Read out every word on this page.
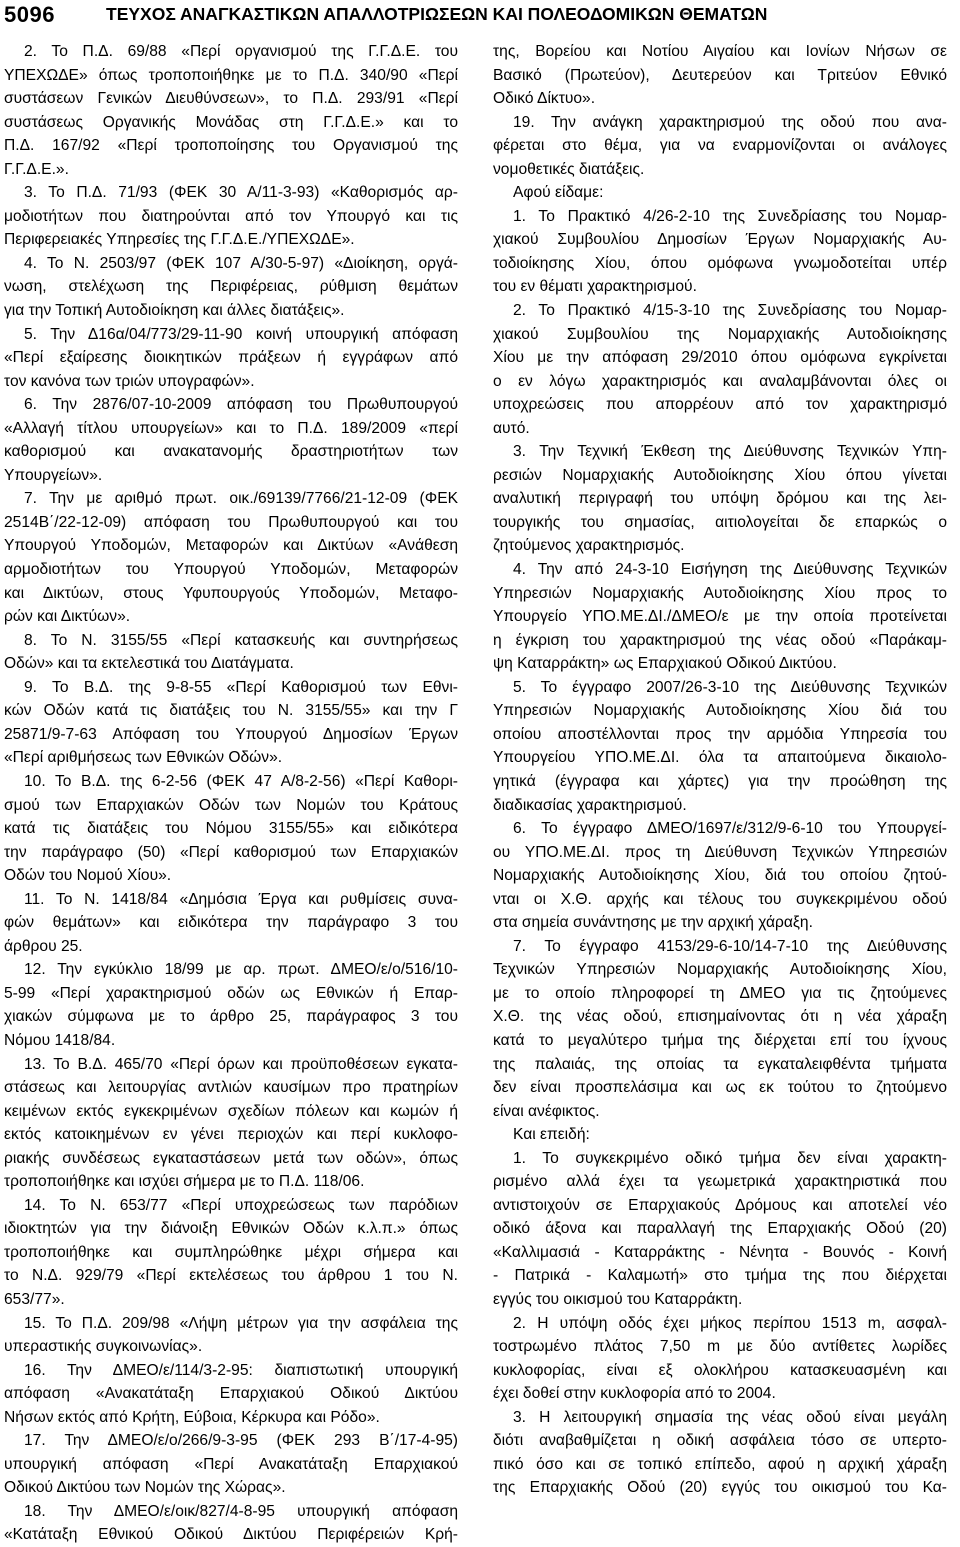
5096	ΤΕΥΧΟΣ ΑΝΑΓΚΑΣΤΙΚΩΝ ΑΠΑΛΛΟΤΡΙΩΣΕΩΝ ΚΑΙ ΠΟΛΕΟΔΟΜΙΚΩΝ ΘΕΜΑΤΩΝ
2. Το Π.Δ. 69/88 «Περί οργανισμού της Γ.Γ.Δ.Ε. του
ΥΠΕΧΩΔΕ» όπως τροποποιήθηκε με το Π.Δ. 340/90 «Περί
συστάσεων Γενικών Διευθύνσεων», το Π.Δ. 293/91 «Περί
συστάσεως Οργανικής Μονάδας στη Γ.Γ.Δ.Ε.» και το
Π.Δ. 167/92 «Περί τροποποίησης του Οργανισμού της
Γ.Γ.Δ.Ε.».
3. Το Π.Δ. 71/93 (ΦΕΚ 30 Α/11-3-93) «Καθορισμός αρ-
μοδιοτήτων που διατηρούνται από τον Υπουργό και τις
Περιφερειακές Υπηρεσίες της Γ.Γ.Δ.Ε./ΥΠΕΧΩΔΕ».
4. Το Ν. 2503/97 (ΦΕΚ 107 Α/30-5-97) «Διοίκηση, οργά-
νωση, στελέχωση της Περιφέρειας, ρύθμιση θεμάτων
για την Τοπική Αυτοδιοίκηση και άλλες διατάξεις».
5. Την Δ16α/04/773/29-11-90 κοινή υπουργική απόφαση
«Περί εξαίρεσης διοικητικών πράξεων ή εγγράφων από
τον κανόνα των τριών υπογραφών».
6. Την 2876/07-10-2009 απόφαση του Πρωθυπουργού
«Αλλαγή τίτλου υπουργείων» και το Π.Δ. 189/2009 «περί
καθορισμού και ανακατανομής δραστηριοτήτων των
Υπουργείων».
7. Την με αριθμό πρωτ. οικ./69139/7766/21-12-09 (ΦΕΚ
2514Β΄/22-12-09) απόφαση του Πρωθυπουργού και του
Υπουργού Υποδομών, Μεταφορών και Δικτύων «Ανάθεση
αρμοδιοτήτων του Υπουργού Υποδομών, Μεταφορών
και Δικτύων, στους Υφυπουργούς Υποδομών, Μεταφο-
ρών και Δικτύων».
8. Το Ν. 3155/55 «Περί κατασκευής και συντηρήσεως
Οδών» και τα εκτελεστικά του Διατάγματα.
9. Το Β.Δ. της 9-8-55 «Περί Καθορισμού των Εθνι-
κών Οδών κατά τις διατάξεις του Ν. 3155/55» και την Γ
25871/9-7-63 Απόφαση του Υπουργού Δημοσίων Έργων
«Περί αριθμήσεως των Εθνικών Οδών».
10. Το Β.Δ. της 6-2-56 (ΦΕΚ 47 Α/8-2-56) «Περί Καθορι-
σμού των Επαρχιακών Οδών των Νομών του Κράτους
κατά τις διατάξεις του Νόμου 3155/55» και ειδικότερα
την παράγραφο (50) «Περί καθορισμού των Επαρχιακών
Οδών του Νομού Χίου».
11. Το Ν. 1418/84 «Δημόσια Έργα και ρυθμίσεις συνα-
φών θεμάτων» και ειδικότερα την παράγραφο 3 του
άρθρου 25.
12. Την εγκύκλιο 18/99 με αρ. πρωτ. ΔΜΕΟ/ε/ο/516/10-
5-99 «Περί χαρακτηρισμού οδών ως Εθνικών ή Επαρ-
χιακών σύμφωνα με το άρθρο 25, παράγραφος 3 του
Νόμου 1418/84.
13. Το Β.Δ. 465/70 «Περί όρων και προϋποθέσεων εγκατα-
στάσεως και λειτουργίας αντλιών καυσίμων προ πρατηρίων
κειμένων εκτός εγκεκριμένων σχεδίων πόλεων και κωμών ή
εκτός κατοικημένων εν γένει περιοχών και περί κυκλοφο-
ριακής συνδέσεως εγκαταστάσεων μετά των οδών», όπως
τροποποιήθηκε και ισχύει σήμερα με το Π.Δ. 118/06.
14. Το Ν. 653/77 «Περί υποχρεώσεως των παρόδιων
ιδιοκτητών για την διάνοιξη Εθνικών Οδών κ.λ.π.» όπως
τροποποιήθηκε και συμπληρώθηκε μέχρι σήμερα και
το Ν.Δ. 929/79 «Περί εκτελέσεως του άρθρου 1 του Ν.
653/77».
15. Το Π.Δ. 209/98 «Λήψη μέτρων για την ασφάλεια της
υπεραστικής συγκοινωνίας».
16. Την ΔΜΕΟ/ε/114/3-2-95: διαπιστωτική υπουργική
απόφαση «Ανακατάταξη Επαρχιακού Οδικού Δικτύου
Νήσων εκτός από Κρήτη, Εύβοια, Κέρκυρα και Ρόδο».
17. Την ΔΜΕΟ/ε/ο/266/9-3-95 (ΦΕΚ 293 Β΄/17-4-95)
υπουργική απόφαση «Περί Ανακατάταξη Επαρχιακού
Οδικού Δικτύου των Νομών της Χώρας».
18. Την ΔΜΕΟ/ε/οικ/827/4-8-95 υπουργική απόφαση
«Κατάταξη Εθνικού Οδικού Δικτύου Περιφέρειών Κρή-
της, Βορείου και Νοτίου Αιγαίου και Ιονίων Νήσων σε
Βασικό (Πρωτεύον), Δευτερεύον και Τριτεύον Εθνικό
Οδικό Δίκτυο».
19. Την ανάγκη χαρακτηρισμού της οδού που ανα-
φέρεται στο θέμα, για να εναρμονίζονται οι ανάλογες
νομοθετικές διατάξεις.
Αφού είδαμε:
1. Το Πρακτικό 4/26-2-10 της Συνεδρίασης του Νομαρ-
χιακού Συμβουλίου Δημοσίων Έργων Νομαρχιακής Αυ-
τοδιοίκησης Χίου, όπου ομόφωνα γνωμοδοτείται υπέρ
του εν θέματι χαρακτηρισμού.
2. Το Πρακτικό 4/15-3-10 της Συνεδρίασης του Νομαρ-
χιακού Συμβουλίου της Νομαρχιακής Αυτοδιοίκησης
Χίου με την απόφαση 29/2010 όπου ομόφωνα εγκρίνεται
ο εν λόγω χαρακτηρισμός και αναλαμβάνονται όλες οι
υποχρεώσεις που απορρέουν από τον χαρακτηρισμό
αυτό.
3. Την Τεχνική Έκθεση της Διεύθυνσης Τεχνικών Υπη-
ρεσιών Νομαρχιακής Αυτοδιοίκησης Χίου όπου γίνεται
αναλυτική περιγραφή του υπόψη δρόμου και της λει-
τουργικής του σημασίας, αιτιολογείται δε επαρκώς ο
ζητούμενος χαρακτηρισμός.
4. Την από 24-3-10 Εισήγηση της Διεύθυνσης Τεχνικών
Υπηρεσιών Νομαρχιακής Αυτοδιοίκησης Χίου προς το
Υπουργείο ΥΠΟ.ΜΕ.ΔΙ./ΔΜΕΟ/ε με την οποία προτείνεται
η έγκριση του χαρακτηρισμού της νέας οδού «Παράκαμ-
ψη Καταρράκτη» ως Επαρχιακού Οδικού Δικτύου.
5. Το έγγραφο 2007/26-3-10 της Διεύθυνσης Τεχνικών
Υπηρεσιών Νομαρχιακής Αυτοδιοίκησης Χίου διά του
οποίου αποστέλλονται προς την αρμόδια Υπηρεσία του
Υπουργείου ΥΠΟ.ΜΕ.ΔΙ. όλα τα απαιτούμενα δικαιολο-
γητικά (έγγραφα και χάρτες) για την προώθηση της
διαδικασίας χαρακτηρισμού.
6. Το έγγραφο ΔΜΕΟ/1697/ε/312/9-6-10 του Υπουργεί-
ου ΥΠΟ.ΜΕ.ΔΙ. προς τη Διεύθυνση Τεχνικών Υπηρεσιών
Νομαρχιακής Αυτοδιοίκησης Χίου, διά του οποίου ζητού-
νται οι Χ.Θ. αρχής και τέλους του συγκεκριμένου οδού
στα σημεία συνάντησης με την αρχική χάραξη.
7. Το έγγραφο 4153/29-6-10/14-7-10 της Διεύθυνσης
Τεχνικών Υπηρεσιών Νομαρχιακής Αυτοδιοίκησης Χίου,
με το οποίο πληροφορεί τη ΔΜΕΟ για τις ζητούμενες
Χ.Θ. της νέας οδού, επισημαίνοντας ότι η νέα χάραξη
κατά το μεγαλύτερο τμήμα της διέρχεται επί του ίχνους
της παλαιάς, της οποίας τα εγκαταλειφθέντα τμήματα
δεν είναι προσπελάσιμα και ως εκ τούτου το ζητούμενο
είναι ανέφικτος.
Και επειδή:
1. Το συγκεκριμένο οδικό τμήμα δεν είναι χαρακτη-
ρισμένο αλλά έχει τα γεωμετρικά χαρακτηριστικά που
αντιστοιχούν σε Επαρχιακούς Δρόμους και αποτελεί νέο
οδικό άξονα και παραλλαγή της Επαρχιακής Οδού (20)
«Καλλιμασιά - Καταρράκτης - Νένητα - Βουνός - Κοινή
- Πατρικά - Καλαμωτή» στο τμήμα της που διέρχεται
εγγύς του οικισμού του Καταρράκτη.
2. Η υπόψη οδός έχει μήκος περίπου 1513 m, ασφαλ-
τοστρωμένο πλάτος 7,50 m με δύο αντίθετες λωρίδες
κυκλοφορίας, είναι εξ ολοκλήρου κατασκευασμένη και
έχει δοθεί στην κυκλοφορία από το 2004.
3. Η λειτουργική σημασία της νέας οδού είναι μεγάλη
διότι αναβαθμίζεται η οδική ασφάλεια τόσο σε υπερτο-
πικό όσο και σε τοπικό επίπεδο, αφού η αρχική χάραξη
της Επαρχιακής Οδού (20) εγγύς του οικισμού του Κα-
